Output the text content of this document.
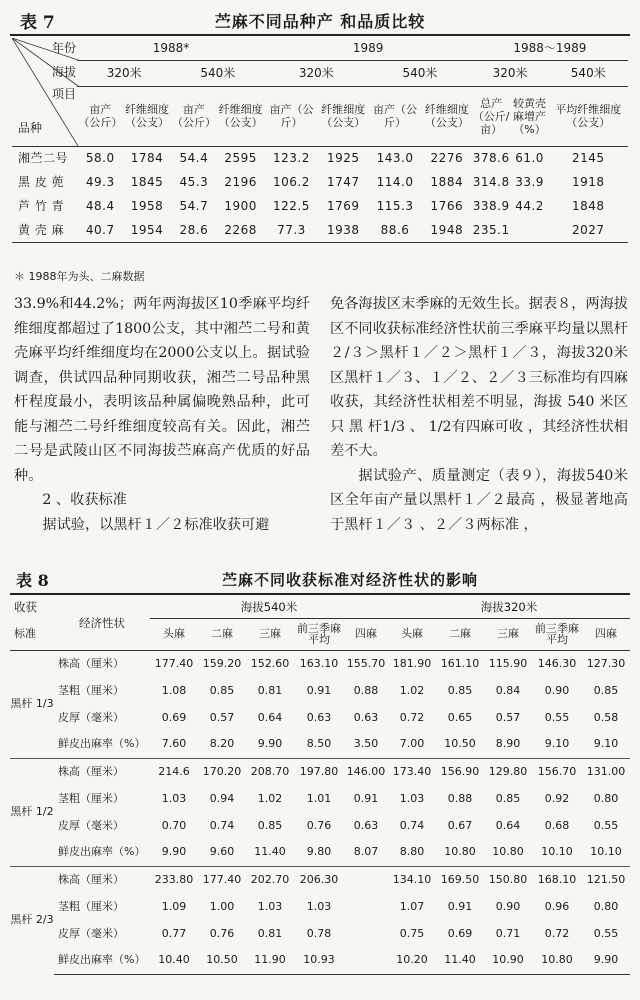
表 7	苎麻不同品种产 和品质比较
年份
海拔
项目
品种	1988*				1989				1988～1989		
	320米		540米		320米		540米		320米		540米
	亩产（公斤）	纤维细度（公支）	亩产（公斤）	纤维细度（公支）	亩产（公斤）	纤维细度（公支）	亩产（公斤）	纤维细度（公支）	总产（公斤/亩）	较黄壳麻增产（%）	平均纤维细度（公支）
湘苎二号	58.0	1784	54.4	2595	123.2	1925	143.0	2276	378.6	61.0	2145
黑 皮 蔸	49.3	1845	45.3	2196	106.2	1747	114.0	1884	314.8	33.9	1918
芦 竹 青	48.4	1958	54.7	1900	122.5	1769	115.3	1766	338.9	44.2	1848
黄 壳 麻	40.7	1954	28.6	2268	77.3	1938	88.6	1948	235.1		2027
＊ 1988年为头、二麻数据

33.9%和44.2%；两年两海拔区10季麻平均纤维细度都超过了1800公支，其中湘苎二号和黄壳麻平均纤维细度均在2000公支以上。据试验调查，供试四品种同期收获，湘苎二号品种黑杆程度最小，表明该品种属偏晚熟品种，此可能与湘苎二号纤维细度较高有关。因此，湘苎二号是武陵山区不同海拔苎麻高产优质的好品种。

2 、收获标准

据试验，以黑杆１／２标准收获可避

免各海拔区末季麻的无效生长。据表８，两海拔区不同收获标准经济性状前三季麻平均量以黑杆２/３＞黑杆１／２＞黑杆１／３，海拔320米区黑杆１／３、１／２、２／３三标准均有四麻收获，其经济性状相差不明显，海拔 540 米区只 黑 杆1/3 、 1/2有四麻可收 ，其经济性状相差不大。

据试验产、质量测定（表９），海拔540米区全年亩产量以黑杆１／２最高 ，极显著地高于黑杆１／３ 、２／３两标准 ，

表 8	苎麻不同收获标准对经济性状的影响
收获	经济性状	海拔540米					海拔320米				
标准		头麻	二麻	三麻	前三季麻平均	四麻	头麻	二麻	三麻	前三季麻平均	四麻
黑杆 1/3	株高（厘米）	177.40	159.20	152.60	163.10	155.70	181.90	161.10	115.90	146.30	127.30
	茎粗（厘米）	1.08	0.85	0.81	0.91	0.88	1.02	0.85	0.84	0.90	0.85
	皮厚（毫米）	0.69	0.57	0.64	0.63	0.63	0.72	0.65	0.57	0.55	0.58
	鲜皮出麻率（%）	7.60	8.20	9.90	8.50	3.50	7.00	10.50	8.90	9.10	9.10
黑杆 1/2	株高（厘米）	214.6	170.20	208.70	197.80	146.00	173.40	156.90	129.80	156.70	131.00
	茎粗（厘米）	1.03	0.94	1.02	1.01	0.91	1.03	0.88	0.85	0.92	0.80
	皮厚（毫米）	0.70	0.74	0.85	0.76	0.63	0.74	0.67	0.64	0.68	0.55
	鲜皮出麻率（%）	9.90	9.60	11.40	9.80	8.07	8.80	10.80	10.80	10.10	10.10
黑杆 2/3	株高（厘米）	233.80	177.40	202.70	206.30		134.10	169.50	150.80	168.10	121.50
	茎粗（厘米）	1.09	1.00	1.03	1.03		1.07	0.91	0.90	0.96	0.80
	皮厚（毫米）	0.77	0.76	0.81	0.78		0.75	0.69	0.71	0.72	0.55
	鲜皮出麻率（%）	10.40	10.50	11.90	10.93		10.20	11.40	10.90	10.80	9.90
